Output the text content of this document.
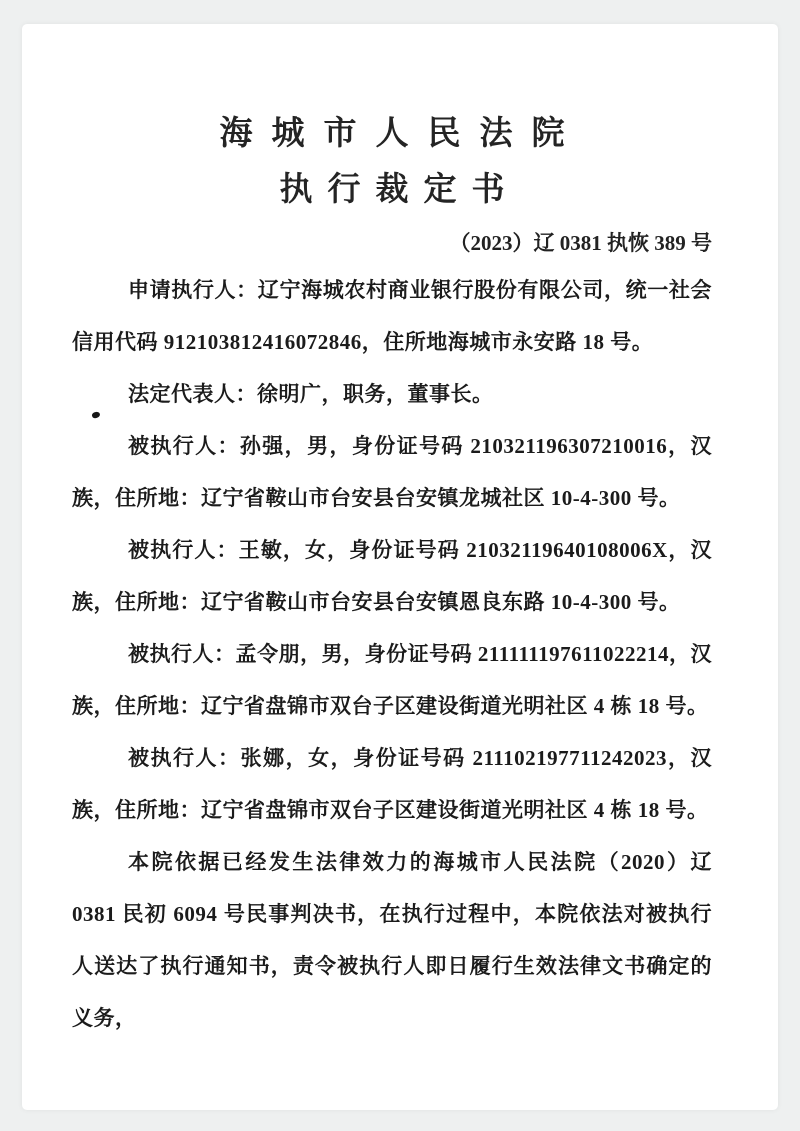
海城市人民法院
执行裁定书
（2023）辽 0381 执恢 389 号

申请执行人：辽宁海城农村商业银行股份有限公司，统一社会信用代码 912103812416072846，住所地海城市永安路 18 号。

法定代表人：徐明广，职务，董事长。

被执行人：孙强，男，身份证号码 210321196307210016，汉族，住所地：辽宁省鞍山市台安县台安镇龙城社区 10-4-300 号。

被执行人：王敏，女，身份证号码 21032119640108006X，汉族，住所地：辽宁省鞍山市台安县台安镇恩良东路 10-4-300 号。

被执行人：孟令朋，男，身份证号码 211111197611022214，汉族，住所地：辽宁省盘锦市双台子区建设街道光明社区 4 栋 18 号。

被执行人：张娜，女，身份证号码 211102197711242023，汉族，住所地：辽宁省盘锦市双台子区建设街道光明社区 4 栋 18 号。

本院依据已经发生法律效力的海城市人民法院（2020）辽 0381 民初 6094 号民事判决书，在执行过程中，本院依法对被执行人送达了执行通知书，责令被执行人即日履行生效法律文书确定的义务，
